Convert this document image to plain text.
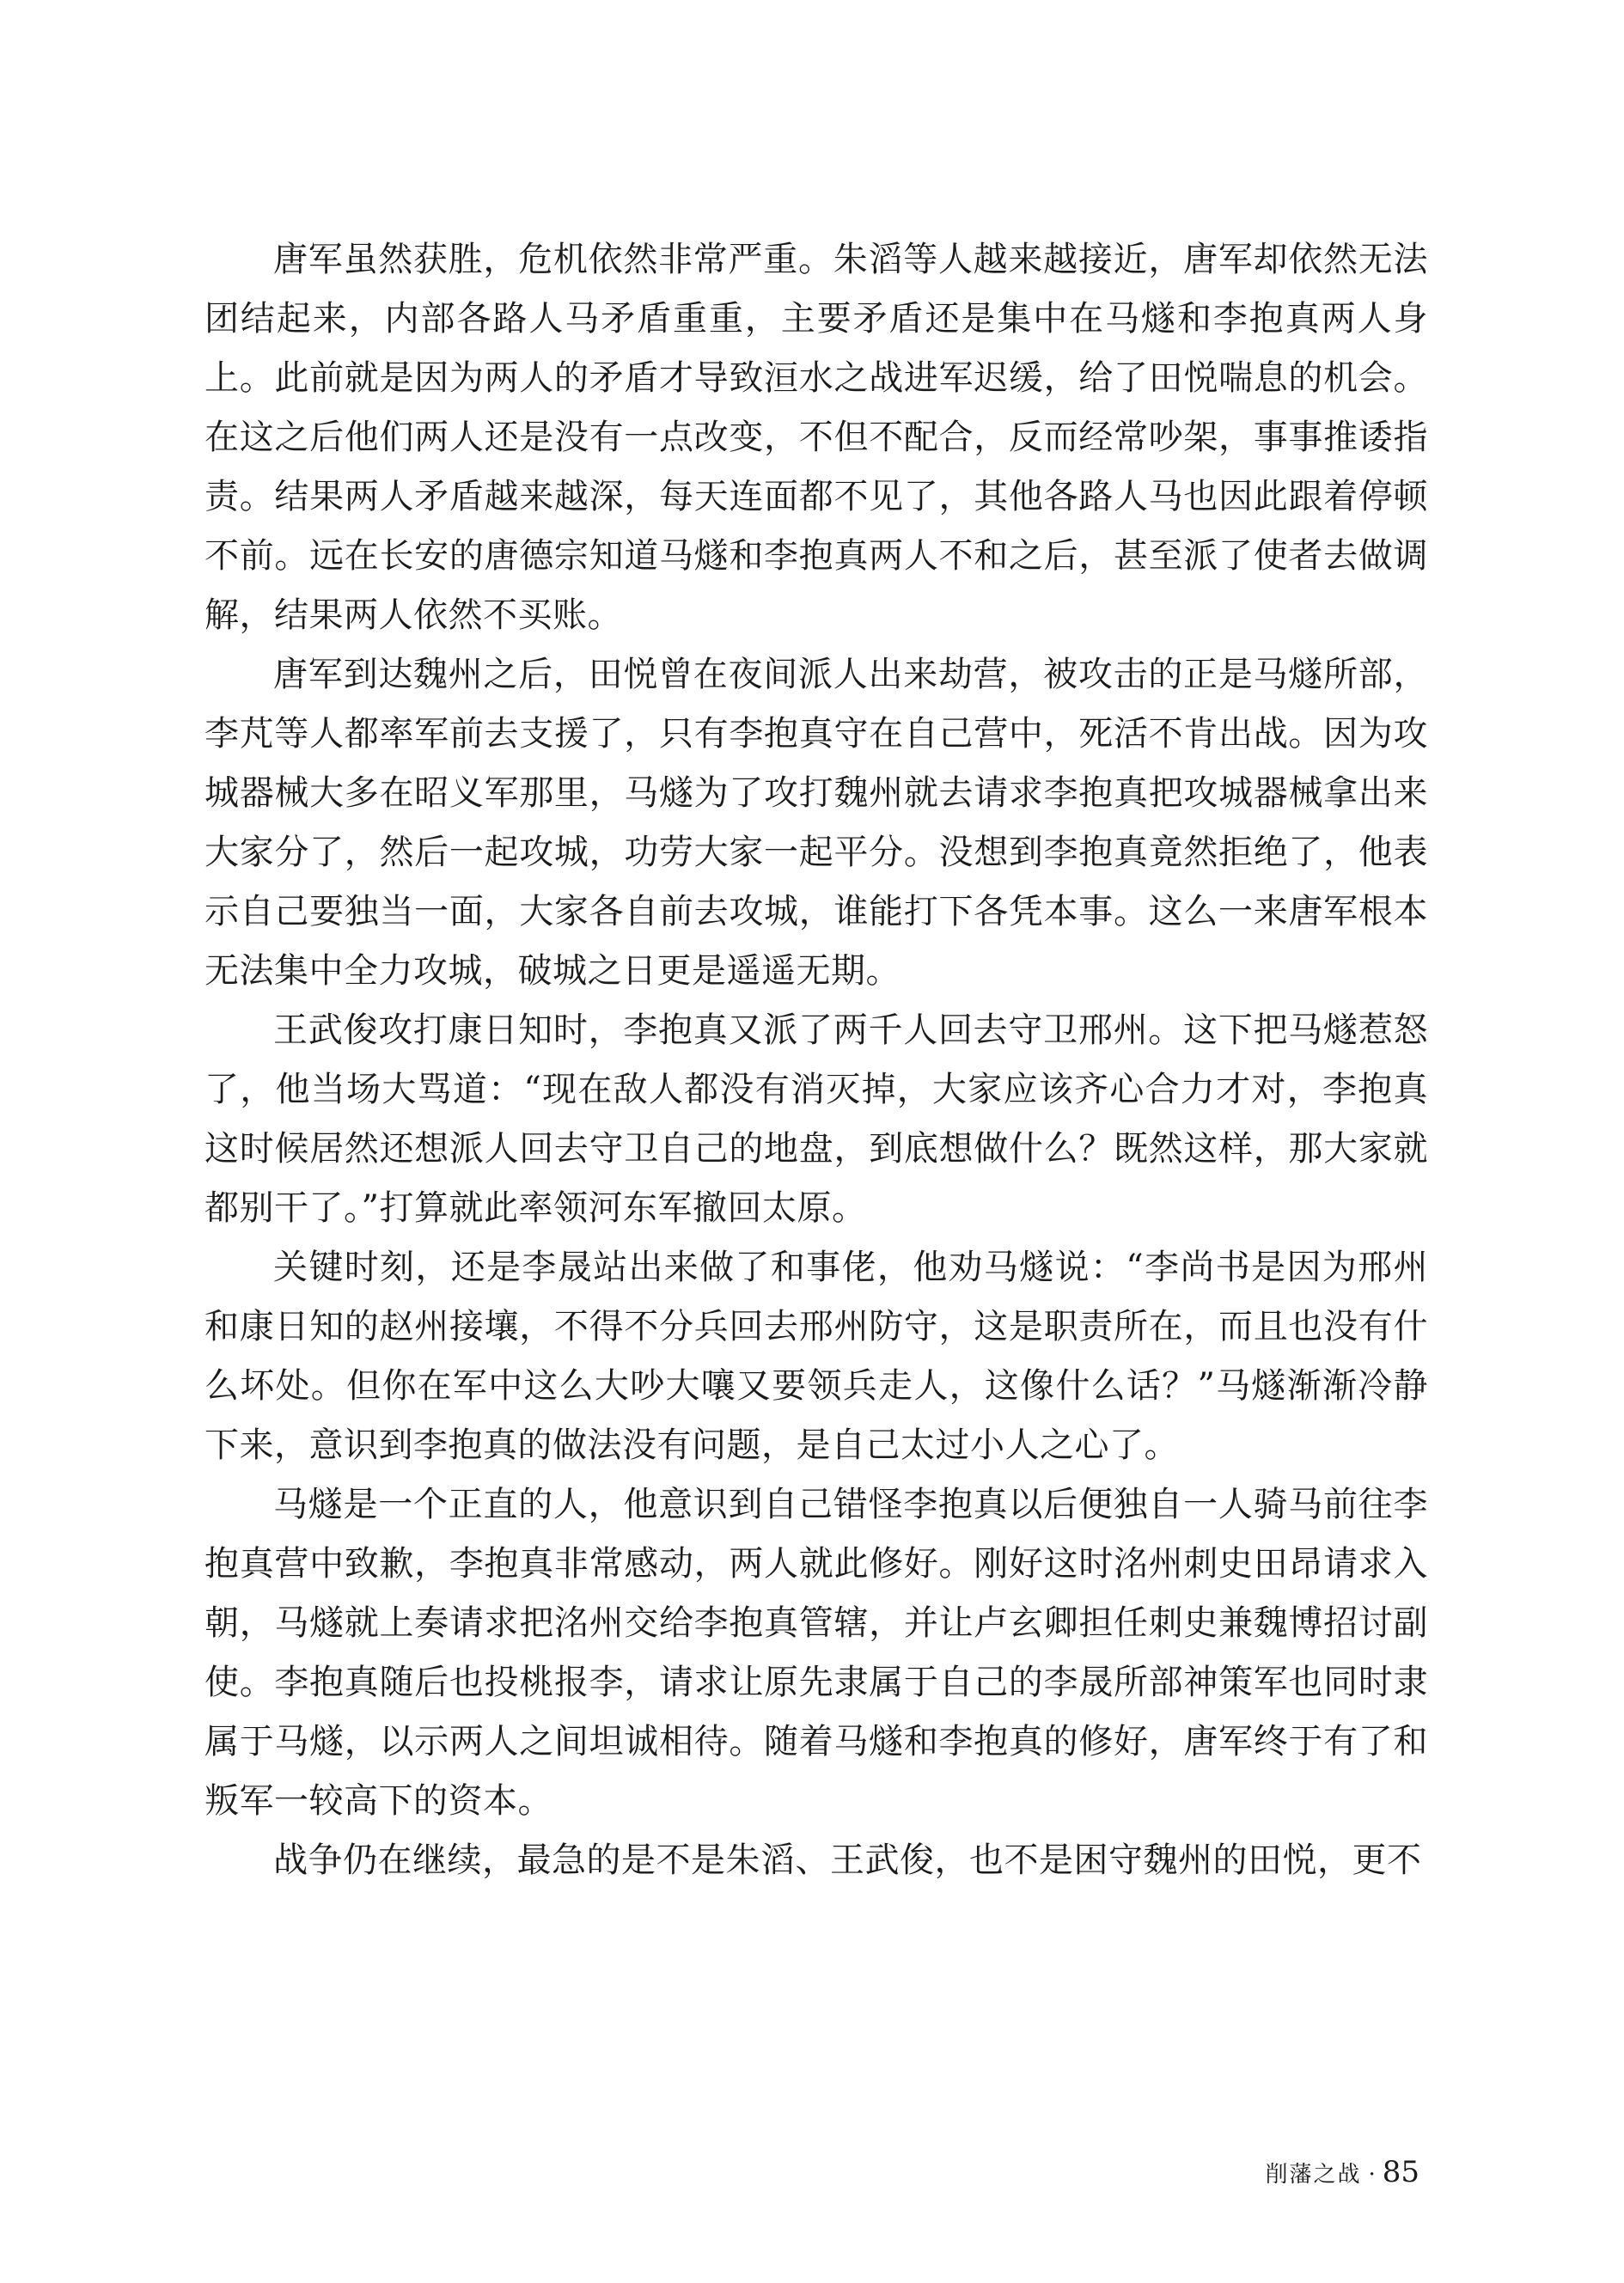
唐军虽然获胜，危机依然非常严重。朱滔等人越来越接近，唐军却依然无法团结起来，内部各路人马矛盾重重，主要矛盾还是集中在马燧和李抱真两人身上。此前就是因为两人的矛盾才导致洹水之战进军迟缓，给了田悦喘息的机会。在这之后他们两人还是没有一点改变，不但不配合，反而经常吵架，事事推诿指责。结果两人矛盾越来越深，每天连面都不见了，其他各路人马也因此跟着停顿不前。远在长安的唐德宗知道马燧和李抱真两人不和之后，甚至派了使者去做调解，结果两人依然不买账。

唐军到达魏州之后，田悦曾在夜间派人出来劫营，被攻击的正是马燧所部，李芃等人都率军前去支援了，只有李抱真守在自己营中，死活不肯出战。因为攻城器械大多在昭义军那里，马燧为了攻打魏州就去请求李抱真把攻城器械拿出来大家分了，然后一起攻城，功劳大家一起平分。没想到李抱真竟然拒绝了，他表示自己要独当一面，大家各自前去攻城，谁能打下各凭本事。这么一来唐军根本无法集中全力攻城，破城之日更是遥遥无期。

王武俊攻打康日知时，李抱真又派了两千人回去守卫邢州。这下把马燧惹怒了，他当场大骂道：“现在敌人都没有消灭掉，大家应该齐心合力才对，李抱真这时候居然还想派人回去守卫自己的地盘，到底想做什么？既然这样，那大家就都别干了。”打算就此率领河东军撤回太原。

关键时刻，还是李晟站出来做了和事佬，他劝马燧说：“李尚书是因为邢州和康日知的赵州接壤，不得不分兵回去邢州防守，这是职责所在，而且也没有什么坏处。但你在军中这么大吵大嚷又要领兵走人，这像什么话？”马燧渐渐冷静下来，意识到李抱真的做法没有问题，是自己太过小人之心了。

马燧是一个正直的人，他意识到自己错怪李抱真以后便独自一人骑马前往李抱真营中致歉，李抱真非常感动，两人就此修好。刚好这时洺州刺史田昂请求入朝，马燧就上奏请求把洺州交给李抱真管辖，并让卢玄卿担任刺史兼魏博招讨副使。李抱真随后也投桃报李，请求让原先隶属于自己的李晟所部神策军也同时隶属于马燧，以示两人之间坦诚相待。随着马燧和李抱真的修好，唐军终于有了和叛军一较高下的资本。

战争仍在继续，最急的是不是朱滔、王武俊，也不是困守魏州的田悦，更不

削藩之战 · 85
